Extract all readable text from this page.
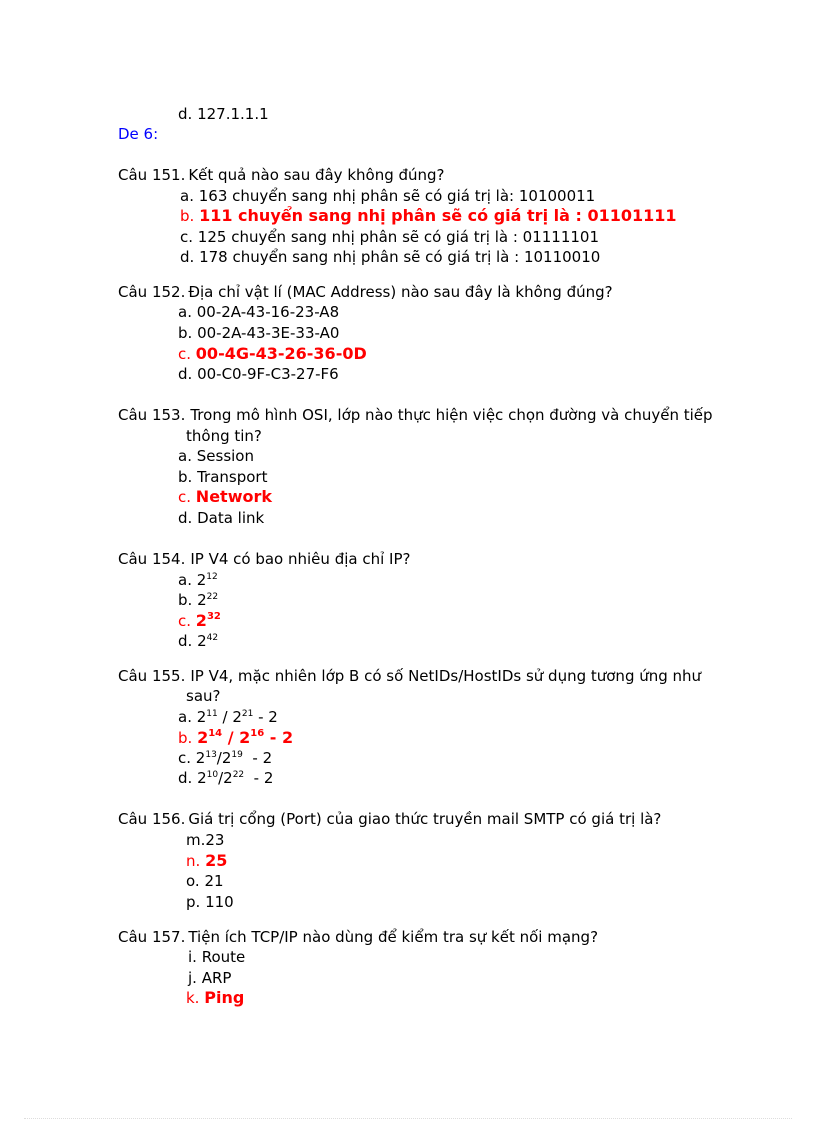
d. 127.1.1.1
De 6:
Câu 151. Kết quả nào sau đây không đúng?
a. 163 chuyển sang nhị phân sẽ có giá trị là: 10100011
b. 111 chuyển sang nhị phân sẽ có giá trị là : 01101111
c. 125 chuyển sang nhị phân sẽ có giá trị là : 01111101
d. 178 chuyển sang nhị phân sẽ có giá trị là : 10110010
Câu 152. Địa chỉ vật lí (MAC Address) nào sau đây là không đúng?
a. 00-2A-43-16-23-A8
b. 00-2A-43-3E-33-A0
c. 00-4G-43-26-36-0D
d. 00-C0-9F-C3-27-F6
Câu 153. Trong mô hình OSI, lớp nào thực hiện việc chọn đường và chuyển tiếp
thông tin?
a. Session
b. Transport
c. Network
d. Data link
Câu 154. IP V4 có bao nhiêu địa chỉ IP?
a. $2^{12}$
b. $2^{22}$
c. $2^{32}$
d. $2^{42}$
Câu 155. IP V4, mặc nhiên lớp B có số NetIDs/HostIDs sử dụng tương ứng như
sau?
a. $2^{11} / 2^{21} - 2$
b. $2^{14} / 2^{16} - 2$
c. $2^{13}/2^{19} - 2$
d. $2^{10}/2^{22} - 2$
Câu 156. Giá trị cổng (Port) của giao thức truyền mail SMTP có giá trị là?
m.23
n. 25
o. 21
p. 110
Câu 157. Tiện ích TCP/IP nào dùng để kiểm tra sự kết nối mạng?
i. Route
j. ARP
k. Ping
